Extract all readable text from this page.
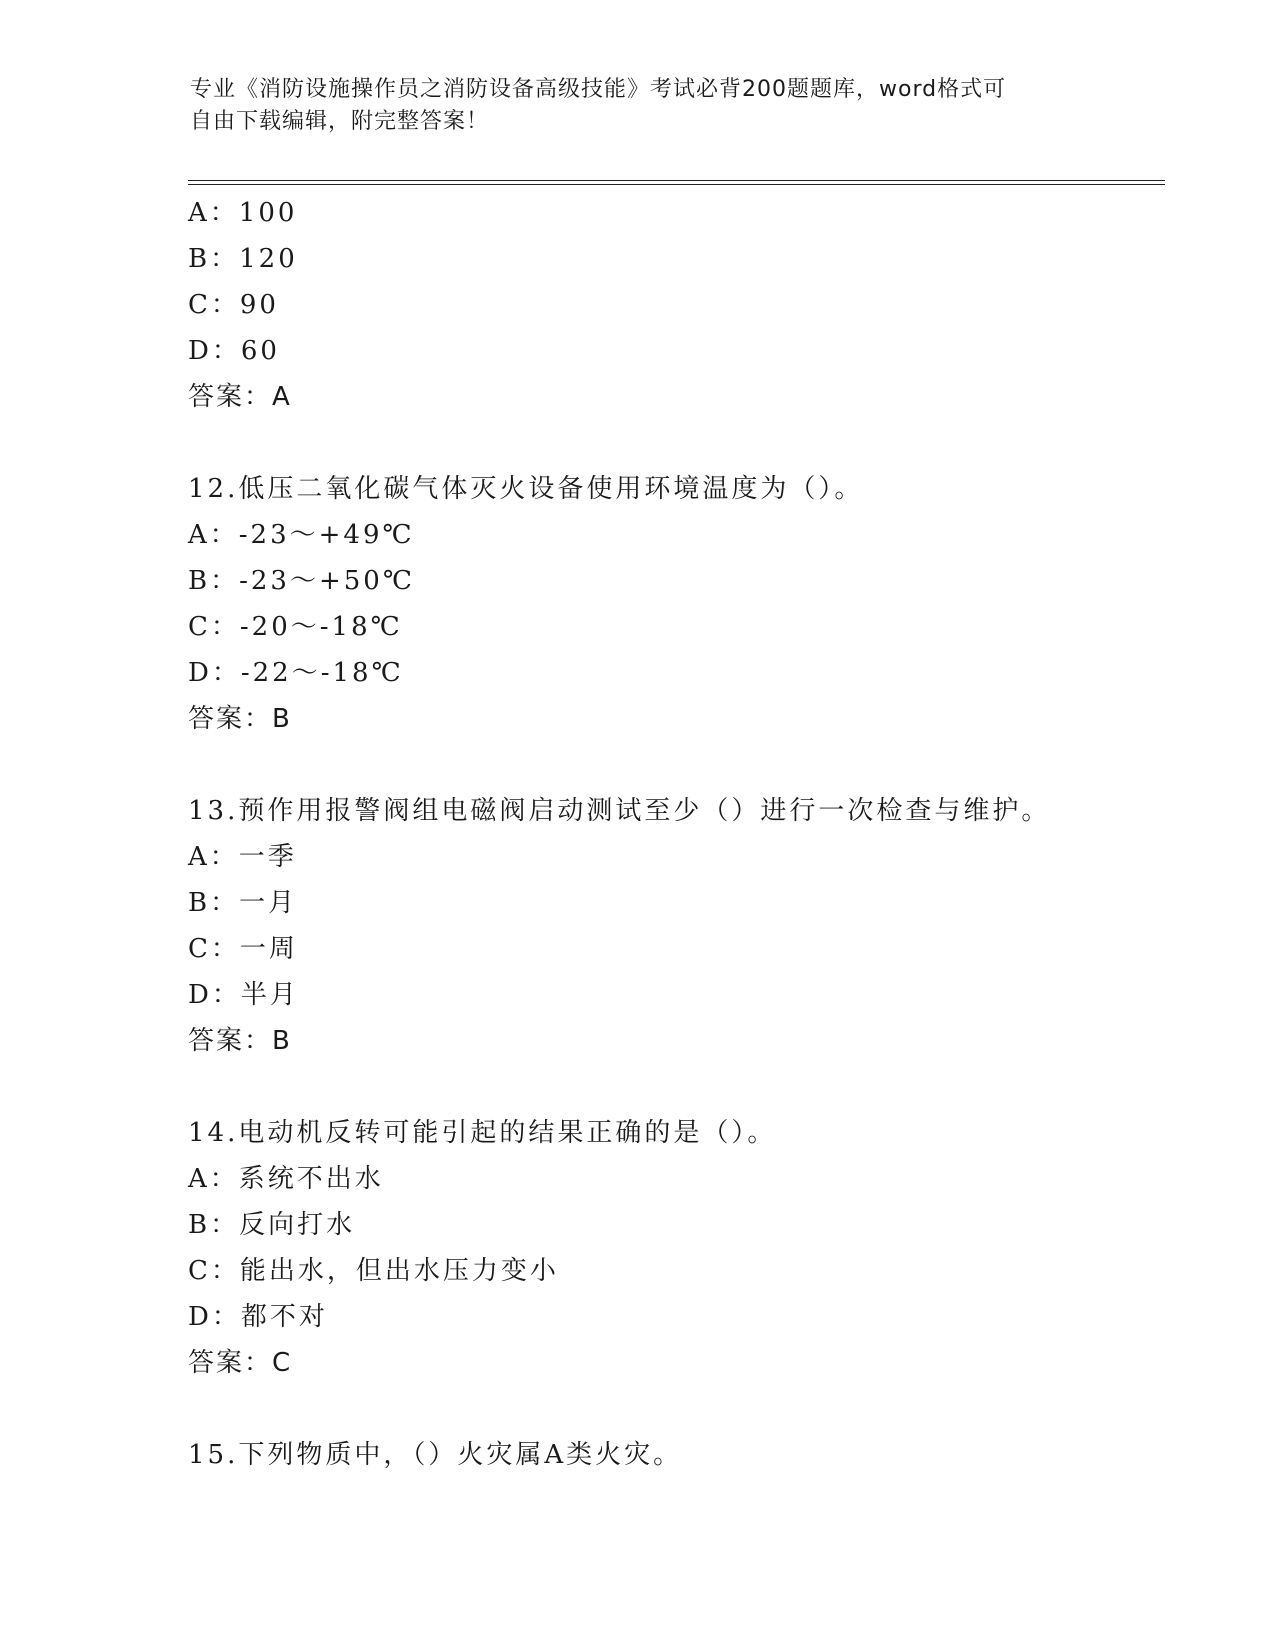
专业《消防设施操作员之消防设备高级技能》考试必背200题题库，word格式可
自由下载编辑，附完整答案！
A：100
B：120
C：90
D：60
答案：A
12.低压二氧化碳气体灭火设备使用环境温度为（）。
A：-23～+49℃
B：-23～+50℃
C：-20～-18℃
D：-22～-18℃
答案：B
13.预作用报警阀组电磁阀启动测试至少（）进行一次检查与维护。
A：一季
B：一月
C：一周
D：半月
答案：B
14.电动机反转可能引起的结果正确的是（）。
A：系统不出水
B：反向打水
C：能出水，但出水压力变小
D：都不对
答案：C
15.下列物质中，（）火灾属A类火灾。
